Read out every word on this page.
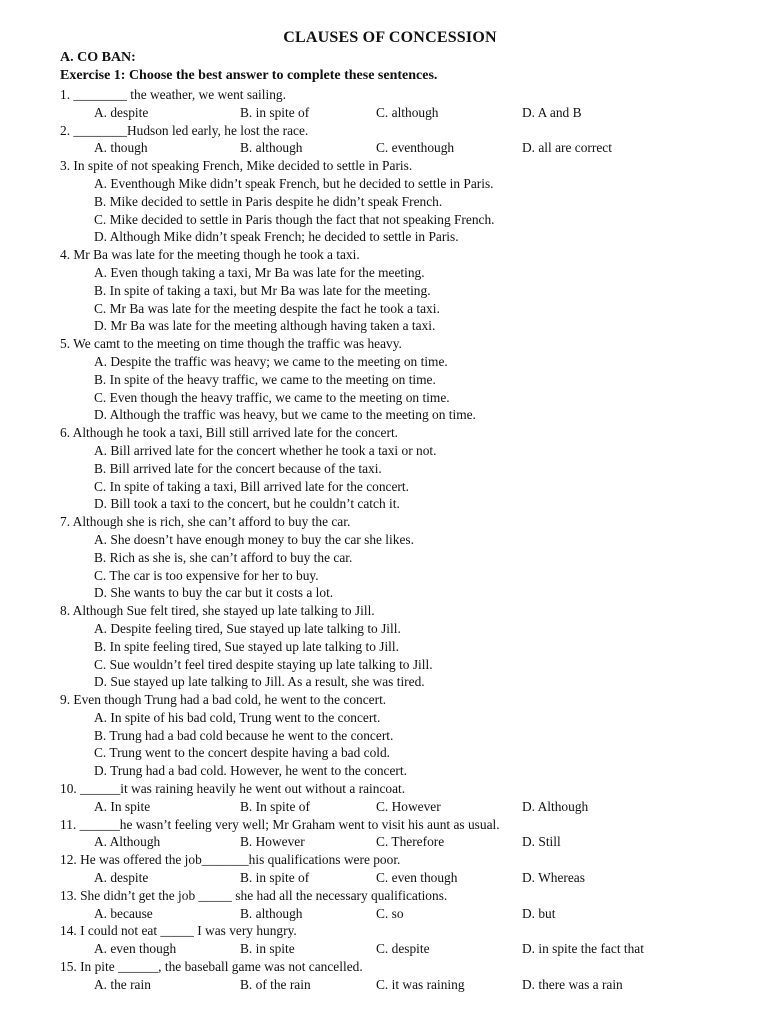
CLAUSES OF CONCESSION
A. CO BAN:
Exercise 1: Choose the best answer to complete these sentences.
1. ________ the weather, we went sailing.
A. despite	B. in spite of	C. although	D. A and B
2. ________Hudson led early, he lost the race.
A. though	B. although	C. eventhough	D. all are correct
3. In spite of not speaking French, Mike decided to settle in Paris.
A. Eventhough Mike didn’t speak French, but he decided to settle in Paris.
B. Mike decided to settle in Paris despite he didn’t speak French.
C. Mike decided to settle in Paris though the fact that not speaking French.
D. Although Mike didn’t speak French; he decided to settle in Paris.
4. Mr Ba was late for the meeting though he took a taxi.
A. Even though taking a taxi, Mr Ba was late for the meeting.
B. In spite of taking a taxi, but Mr Ba was late for the meeting.
C. Mr Ba was late for the meeting despite the fact he took a taxi.
D. Mr Ba was late for the meeting although having taken a taxi.
5. We camt to the meeting on time though the traffic was heavy.
A. Despite the traffic was heavy; we came to the meeting on time.
B. In spite of the heavy traffic, we came to the meeting on time.
C. Even though the heavy traffic, we came to the meeting on time.
D. Although the traffic was heavy, but we came to the meeting on time.
6. Although he took a taxi, Bill still arrived late for the concert.
A. Bill arrived late for the concert whether he took a taxi or not.
B. Bill arrived late for the concert because of the taxi.
C. In spite of taking a taxi, Bill arrived late for the concert.
D. Bill took a taxi to the concert, but he couldn’t catch it.
7. Although she is rich, she can’t afford to buy the car.
A. She doesn’t have enough money to buy the car she likes.
B. Rich as she is, she can’t afford to buy the car.
C. The car is too expensive for her to buy.
D. She wants to buy the car but it costs a lot.
8. Although Sue felt tired, she stayed up late talking to Jill.
A. Despite feeling tired, Sue stayed up late talking to Jill.
B. In spite feeling tired, Sue stayed up late talking to Jill.
C. Sue wouldn’t feel tired despite staying up late talking to Jill.
D. Sue stayed up late talking to Jill. As a result, she was tired.
9. Even though Trung had a bad cold, he went to the concert.
A. In spite of his bad cold, Trung went to the concert.
B. Trung had a bad cold because he went to the concert.
C. Trung went to the concert despite having a bad cold.
D. Trung had a bad cold. However, he went to the concert.
10. ______it was raining heavily he went out without a raincoat.
A. In spite	B. In spite of	C. However	D. Although
11. ______he wasn’t feeling very well; Mr Graham went to visit his aunt as usual.
A. Although	B. However	C. Therefore	D. Still
12. He was offered the job_______his qualifications were poor.
A. despite	B. in spite of	C. even though	D. Whereas
13. She didn’t get the job _____ she had all the necessary qualifications.
A. because	B. although	C. so	D. but
14. I could not eat _____ I was very hungry.
A. even though	B. in spite	C. despite	D. in spite the fact that
15. In pite ______, the baseball game was not cancelled.
A. the rain	B. of the rain	C. it was raining	D. there was a rain
